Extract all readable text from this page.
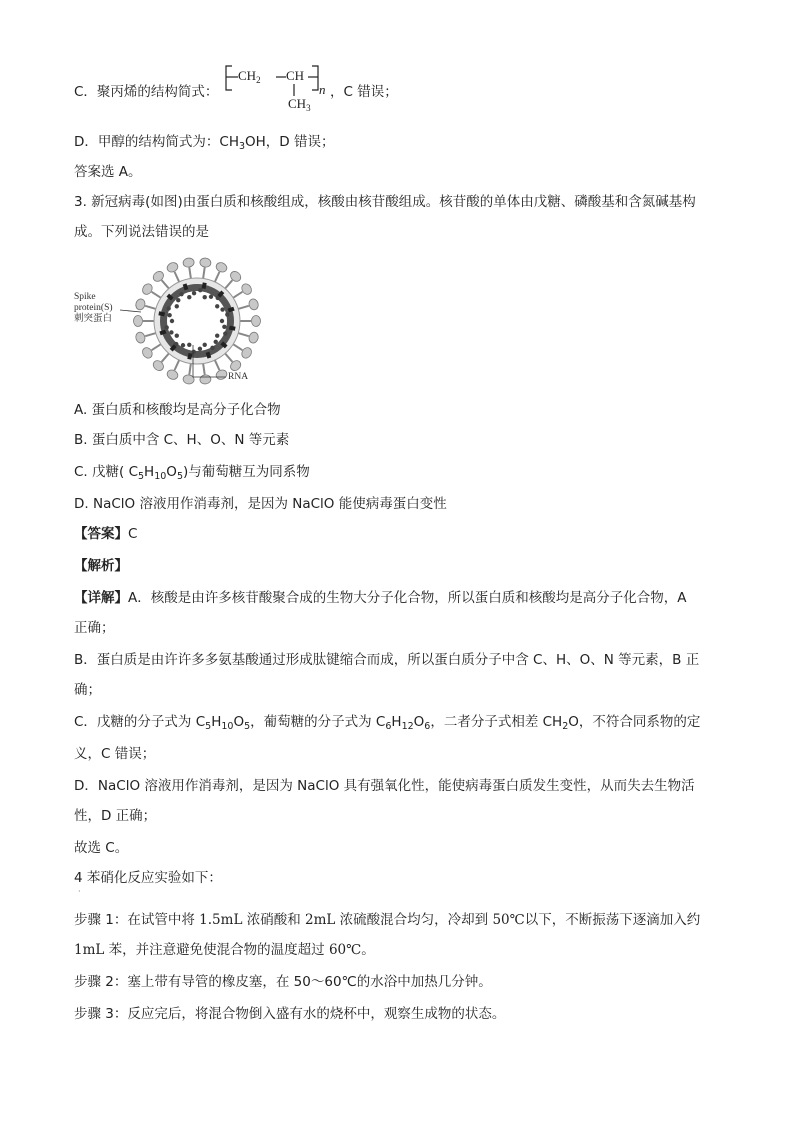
C．聚丙烯的结构简式：
$CH_2$ CH
$CH_3$
n ，C 错误；
D．甲醇的结构简式为：$CH_3OH$，D 错误；
答案选 A。
3. 新冠病毒(如图)由蛋白质和核酸组成，核酸由核苷酸组成。核苷酸的单体由戊糖、磷酸基和含氮碱基构
成。下列说法错误的是
Spike
protein(S)
刺突蛋白
RNA
A. 蛋白质和核酸均是高分子化合物
B. 蛋白质中含 C、H、O、N 等元素
C. 戊糖( $C_5H_{10}O_5$)与葡萄糖互为同系物
D. NaClO 溶液用作消毒剂，是因为 NaClO 能使病毒蛋白变性
【答案】C
【解析】
【详解】A．核酸是由许多核苷酸聚合成的生物大分子化合物，所以蛋白质和核酸均是高分子化合物，A
正确；
B．蛋白质是由许许多多氨基酸通过形成肽键缩合而成，所以蛋白质分子中含 C、H、O、N 等元素，B 正
确；
C．戊糖的分子式为 $C_5H_{10}O_5$，葡萄糖的分子式为 $C_6H_{12}O_6$，二者分子式相差 $CH_2O$，不符合同系物的定
义，C 错误；
D．NaClO 溶液用作消毒剂，是因为 NaClO 具有强氧化性，能使病毒蛋白质发生变性，从而失去生物活
性，D 正确；
故选 C。
4 苯硝化反应实验如下：
步骤 1：在试管中将 1.5mL 浓硝酸和 2mL 浓硫酸混合均匀，冷却到 50℃以下，不断振荡下逐滴加入约
1mL 苯，并注意避免使混合物的温度超过 60℃。
步骤 2：塞上带有导管的橡皮塞，在 50～60℃的水浴中加热几分钟。
步骤 3：反应完后，将混合物倒入盛有水的烧杯中，观察生成物的状态。
·
